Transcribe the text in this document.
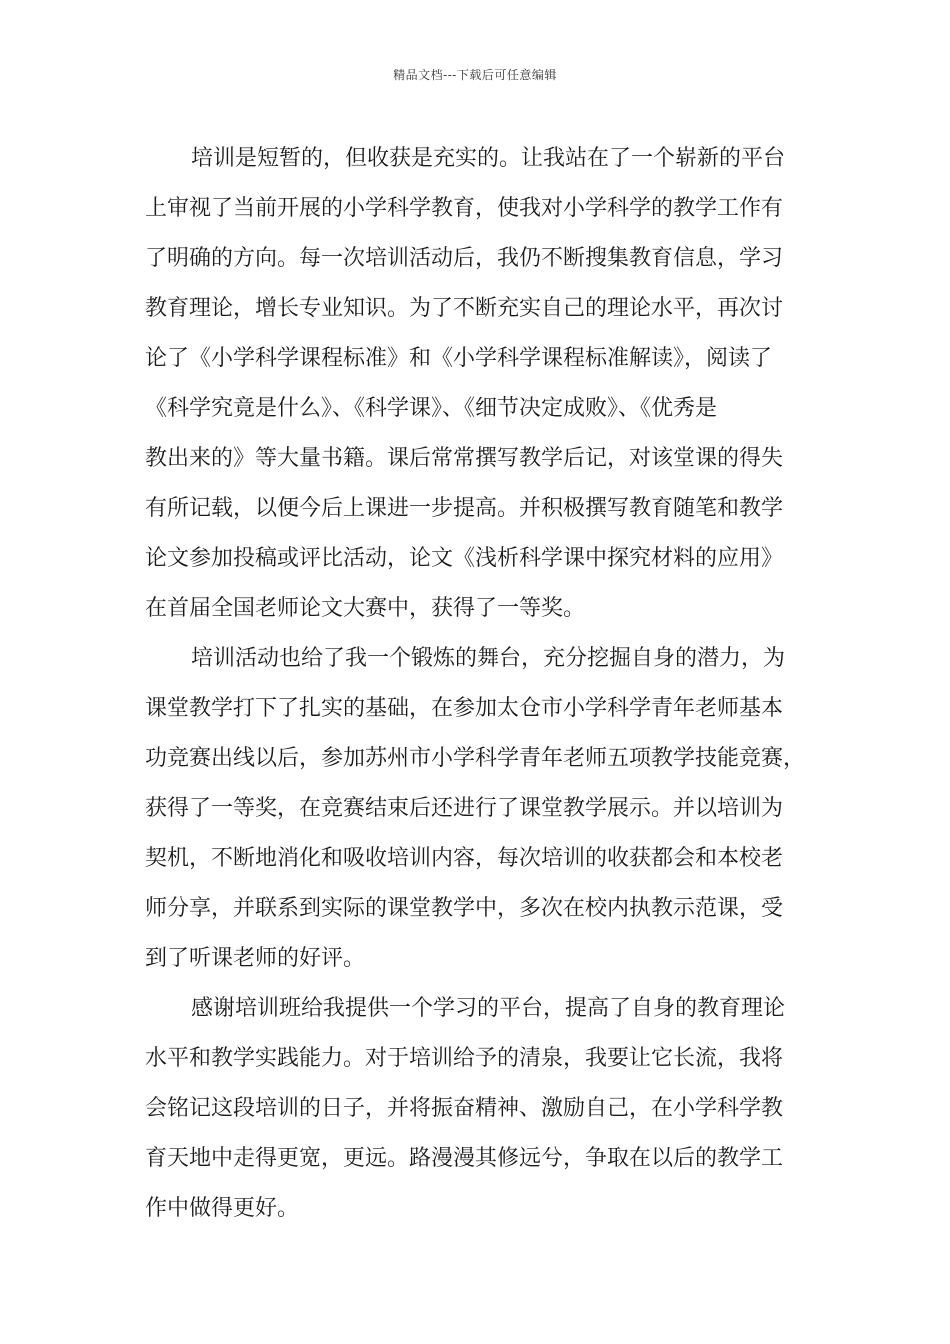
精品文档---下载后可任意编辑
培训是短暂的，但收获是充实的。让我站在了一个崭新的平台
上审视了当前开展的小学科学教育，使我对小学科学的教学工作有
了明确的方向。每一次培训活动后，我仍不断搜集教育信息，学习
教育理论，增长专业知识。为了不断充实自己的理论水平，再次讨
论了《小学科学课程标准》和《小学科学课程标准解读》，阅读了
《科学究竟是什么》、《科学课》、《细节决定成败》、《优秀是
教出来的》等大量书籍。课后常常撰写教学后记，对该堂课的得失
有所记载，以便今后上课进一步提高。并积极撰写教育随笔和教学
论文参加投稿或评比活动，论文《浅析科学课中探究材料的应用》
在首届全国老师论文大赛中，获得了一等奖。
培训活动也给了我一个锻炼的舞台，充分挖掘自身的潜力，为
课堂教学打下了扎实的基础，在参加太仓市小学科学青年老师基本
功竞赛出线以后，参加苏州市小学科学青年老师五项教学技能竞赛，
获得了一等奖，在竞赛结束后还进行了课堂教学展示。并以培训为
契机，不断地消化和吸收培训内容，每次培训的收获都会和本校老
师分享，并联系到实际的课堂教学中，多次在校内执教示范课，受
到了听课老师的好评。
感谢培训班给我提供一个学习的平台，提高了自身的教育理论
水平和教学实践能力。对于培训给予的清泉，我要让它长流，我将
会铭记这段培训的日子，并将振奋精神、激励自己，在小学科学教
育天地中走得更宽，更远。路漫漫其修远兮，争取在以后的教学工
作中做得更好。
